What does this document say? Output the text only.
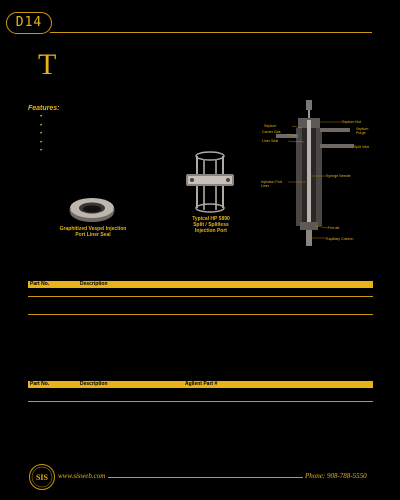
D14
T
Features:
•
•
•
•
•
Graphitized Vespel Injection
Port Liner Seal
Typical HP 5890
Split / Splitless
Injection Port
Septum Nut
Septum
Carrier Gas
Septum
Purge
Liner Seal
Split Vent
Syringe Needle
Injection Port
Liner
Ferrule
Capillary Column
Part No.	Description
Part No.	Description	Agilent Part #
SIS www.sisweb.com	Phone: 908-788-5550
